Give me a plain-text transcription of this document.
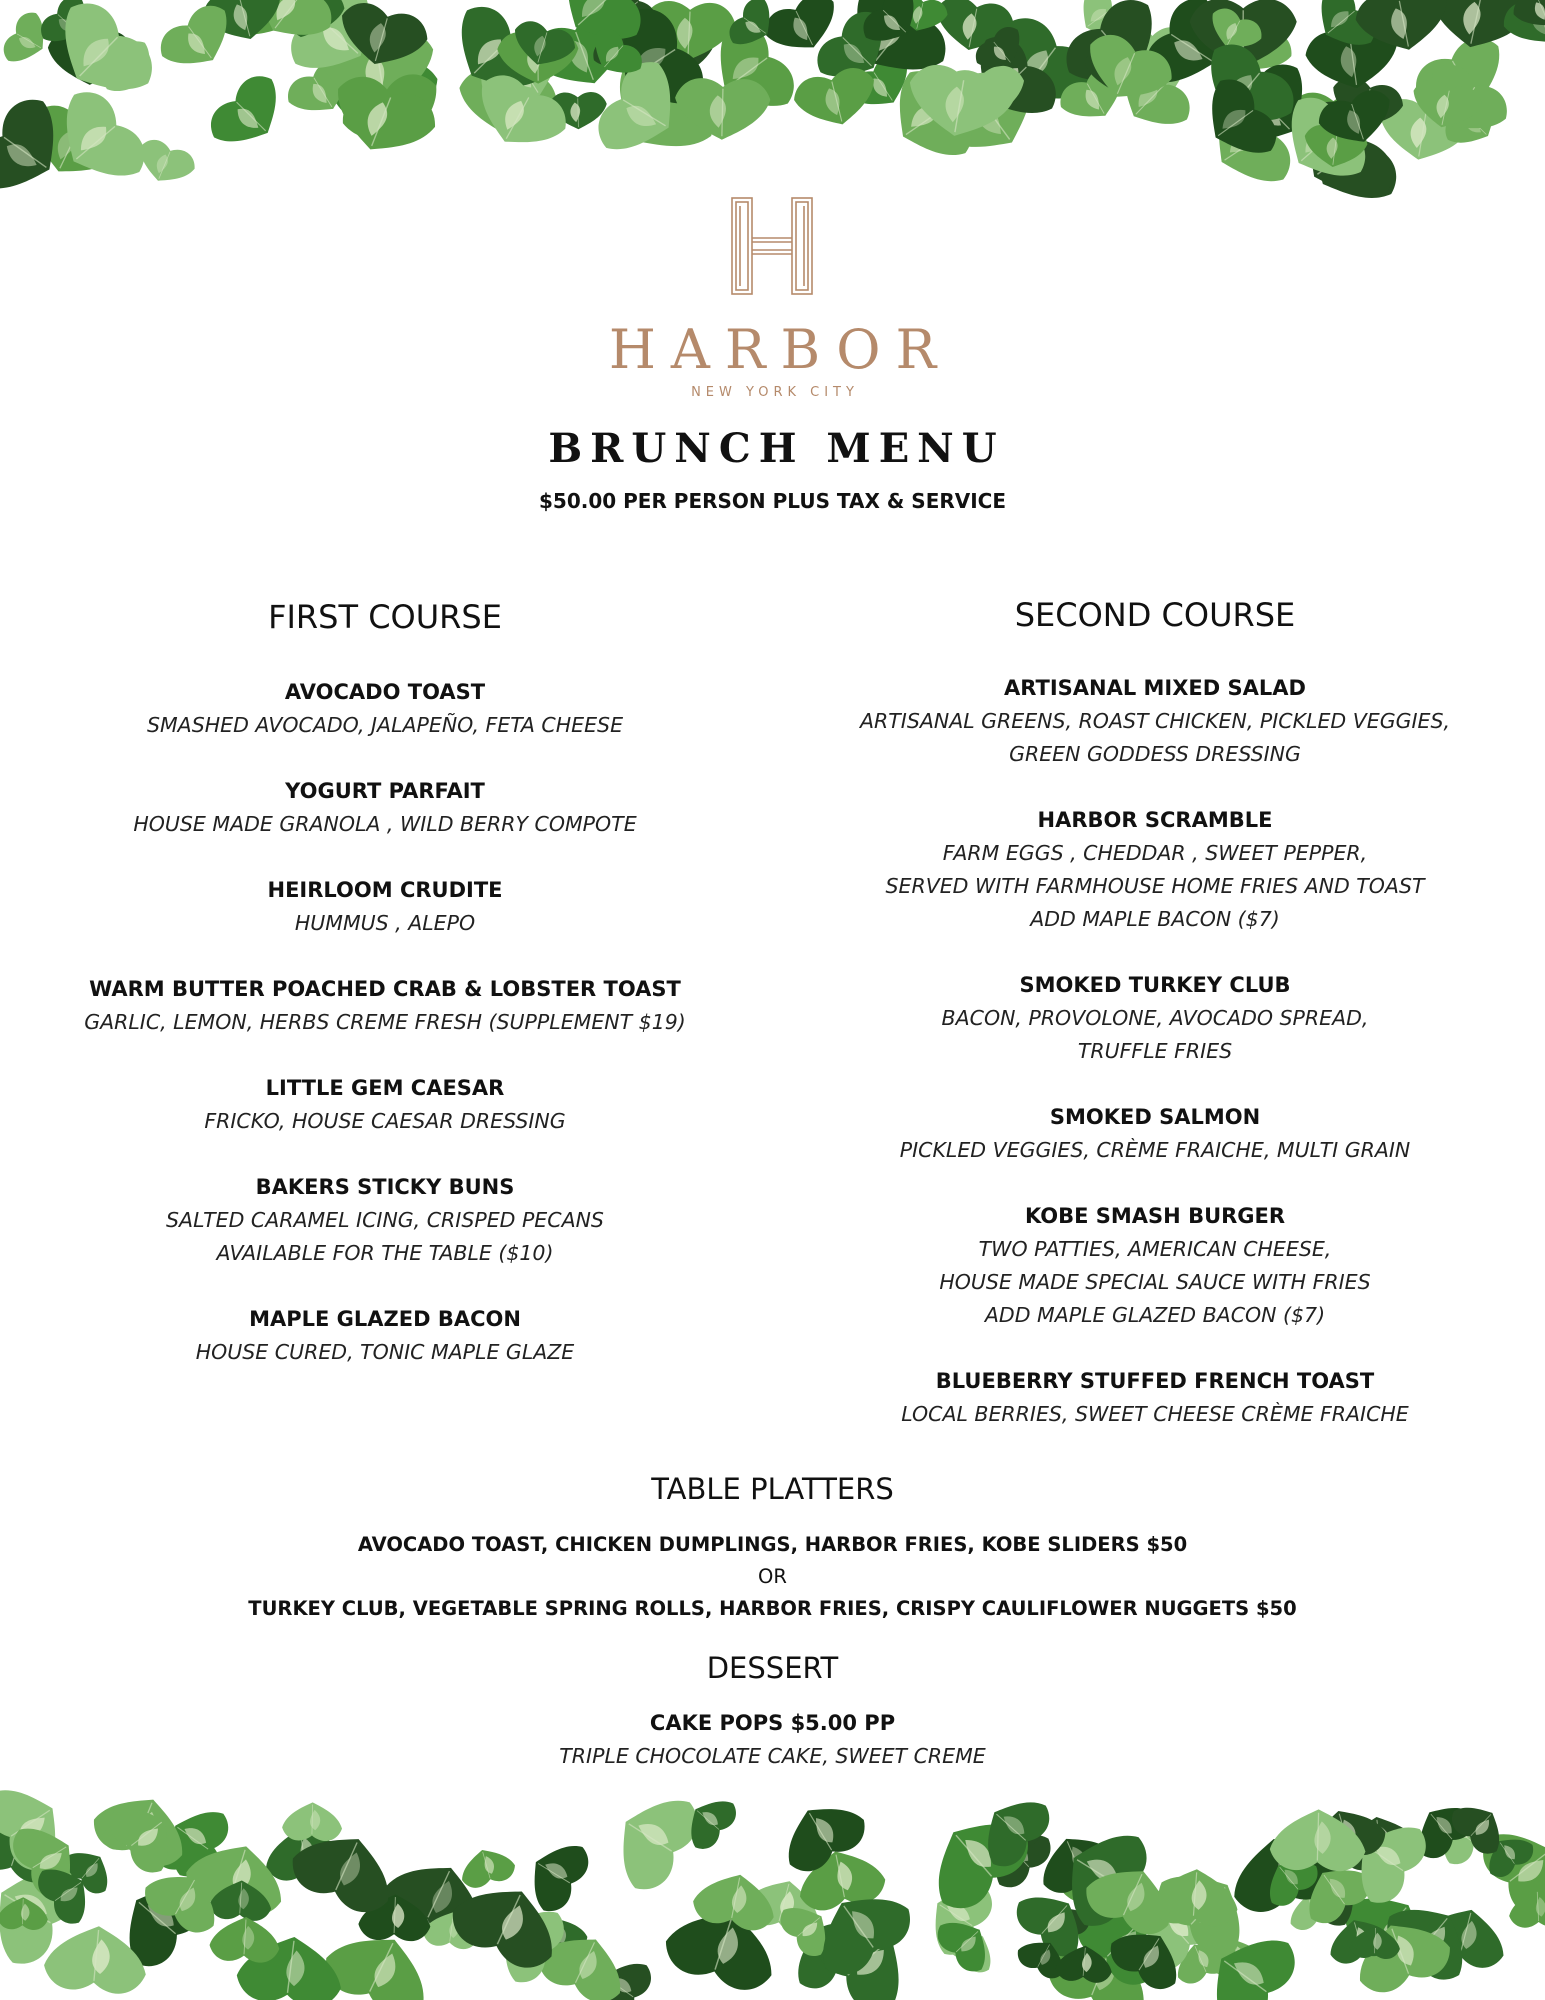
HARBOR
NEW YORK CITY
BRUNCH MENU
$50.00 PER PERSON PLUS TAX & SERVICE
FIRST COURSE
AVOCADO TOAST
SMASHED AVOCADO, JALAPEÑO, FETA CHEESE
YOGURT PARFAIT
HOUSE MADE GRANOLA , WILD BERRY COMPOTE
HEIRLOOM CRUDITE
HUMMUS , ALEPO
WARM BUTTER POACHED CRAB & LOBSTER TOAST
GARLIC, LEMON, HERBS CREME FRESH (SUPPLEMENT $19)
LITTLE GEM CAESAR
FRICKO, HOUSE CAESAR DRESSING
BAKERS STICKY BUNS
SALTED CARAMEL ICING, CRISPED PECANS
AVAILABLE FOR THE TABLE ($10)
MAPLE GLAZED BACON
HOUSE CURED, TONIC MAPLE GLAZE
SECOND COURSE
ARTISANAL MIXED SALAD
ARTISANAL GREENS, ROAST CHICKEN, PICKLED VEGGIES,
GREEN GODDESS DRESSING
HARBOR SCRAMBLE
FARM EGGS , CHEDDAR , SWEET PEPPER,
SERVED WITH FARMHOUSE HOME FRIES AND TOAST
ADD MAPLE BACON ($7)
SMOKED TURKEY CLUB
BACON, PROVOLONE, AVOCADO SPREAD,
TRUFFLE FRIES
SMOKED SALMON
PICKLED VEGGIES, CRÈME FRAICHE, MULTI GRAIN
KOBE SMASH BURGER
TWO PATTIES, AMERICAN CHEESE,
HOUSE MADE SPECIAL SAUCE WITH FRIES
ADD MAPLE GLAZED BACON ($7)
BLUEBERRY STUFFED FRENCH TOAST
LOCAL BERRIES, SWEET CHEESE CRÈME FRAICHE
TABLE PLATTERS
AVOCADO TOAST, CHICKEN DUMPLINGS, HARBOR FRIES, KOBE SLIDERS $50
OR
TURKEY CLUB, VEGETABLE SPRING ROLLS, HARBOR FRIES, CRISPY CAULIFLOWER NUGGETS $50
DESSERT
CAKE POPS $5.00 PP
TRIPLE CHOCOLATE CAKE, SWEET CREME
